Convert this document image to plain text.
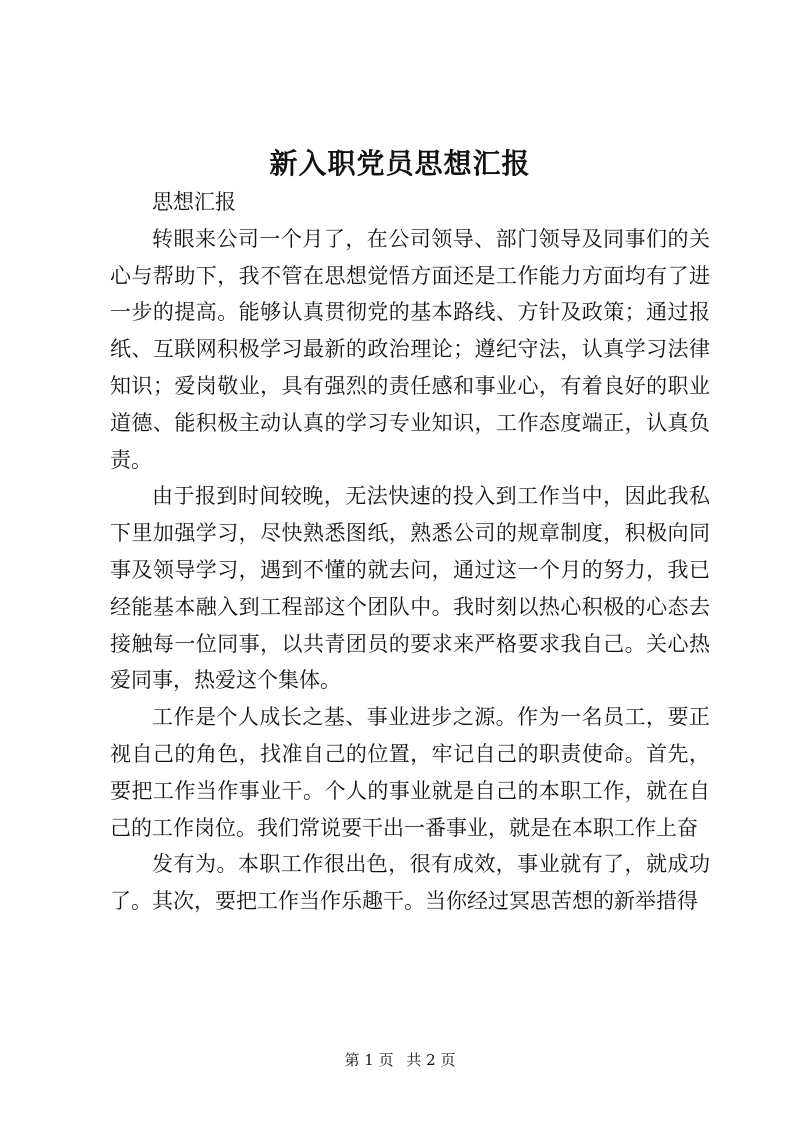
新入职党员思想汇报

思想汇报

转眼来公司一个月了，在公司领导、部门领导及同事们的关心与帮助下，我不管在思想觉悟方面还是工作能力方面均有了进一步的提高。能够认真贯彻党的基本路线、方针及政策；通过报纸、互联网积极学习最新的政治理论；遵纪守法，认真学习法律知识；爱岗敬业，具有强烈的责任感和事业心，有着良好的职业道德、能积极主动认真的学习专业知识，工作态度端正，认真负责。

由于报到时间较晚，无法快速的投入到工作当中，因此我私下里加强学习，尽快熟悉图纸，熟悉公司的规章制度，积极向同事及领导学习，遇到不懂的就去问，通过这一个月的努力，我已经能基本融入到工程部这个团队中。我时刻以热心积极的心态去接触每一位同事，以共青团员的要求来严格要求我自己。关心热爱同事，热爱这个集体。

工作是个人成长之基、事业进步之源。作为一名员工，要正视自己的角色，找准自己的位置，牢记自己的职责使命。首先，要把工作当作事业干。个人的事业就是自己的本职工作，就在自己的工作岗位。我们常说要干出一番事业，就是在本职工作上奋

发有为。本职工作很出色，很有成效，事业就有了，就成功了。其次，要把工作当作乐趣干。当你经过冥思苦想的新举措得

第 1 页 共 2 页
